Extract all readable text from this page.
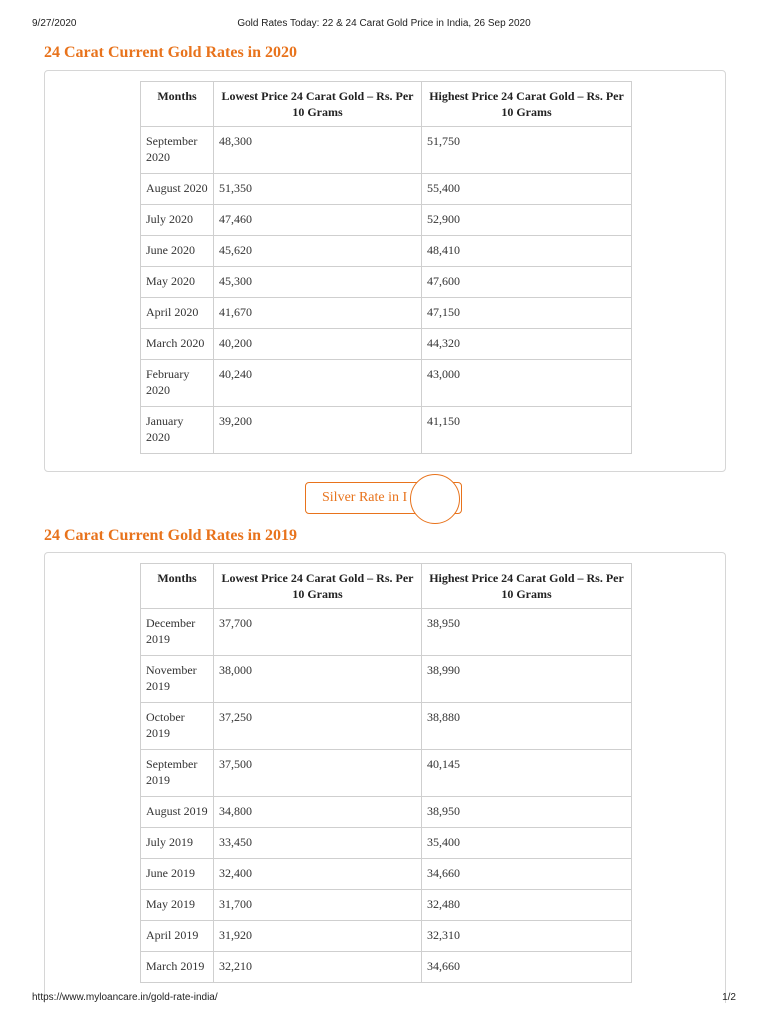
9/27/2020	Gold Rates Today: 22 & 24 Carat Gold Price in India, 26 Sep 2020
24 Carat Current Gold Rates in 2020
Months	Lowest Price 24 Carat Gold – Rs. Per 10 Grams	Highest Price 24 Carat Gold – Rs. Per 10 Grams
September 2020	48,300	51,750
August 2020	51,350	55,400
July 2020	47,460	52,900
June 2020	45,620	48,410
May 2020	45,300	47,600
April 2020	41,670	47,150
March 2020	40,200	44,320
February 2020	40,240	43,000
January 2020	39,200	41,150
Silver Rate in I
24 Carat Current Gold Rates in 2019
Months	Lowest Price 24 Carat Gold – Rs. Per 10 Grams	Highest Price 24 Carat Gold – Rs. Per 10 Grams
December 2019	37,700	38,950
November 2019	38,000	38,990
October 2019	37,250	38,880
September 2019	37,500	40,145
August 2019	34,800	38,950
July 2019	33,450	35,400
June 2019	32,400	34,660
May 2019	31,700	32,480
April 2019	31,920	32,310
March 2019	32,210	34,660
https://www.myloancare.in/gold-rate-india/	1/2
